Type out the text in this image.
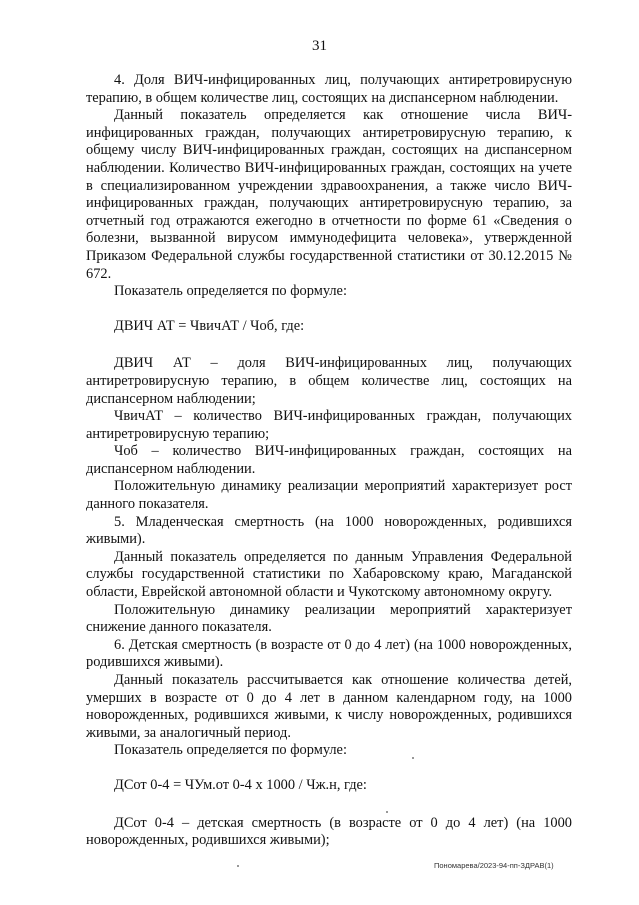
31

4. Доля ВИЧ-инфицированных лиц, получающих антиретровирусную терапию, в общем количестве лиц, состоящих на диспансерном наблюдении.

Данный показатель определяется как отношение числа ВИЧ-инфицированных граждан, получающих антиретровирусную терапию, к общему числу ВИЧ-инфицированных граждан, состоящих на диспансерном наблюдении. Количество ВИЧ-инфицированных граждан, состоящих на учете в специализированном учреждении здравоохранения, а также число ВИЧ-инфицированных граждан, получающих антиретровирусную терапию, за отчетный год отражаются ежегодно в отчетности по форме 61 «Сведения о болезни, вызванной вирусом иммунодефицита человека», утвержденной Приказом Федеральной службы государственной статистики от 30.12.2015 № 672.

Показатель определяется по формуле:

ДВИЧ АТ = ЧвичАТ / Чоб, где:

ДВИЧ АТ – доля ВИЧ-инфицированных лиц, получающих антиретровирусную терапию, в общем количестве лиц, состоящих на диспансерном наблюдении;

ЧвичАТ – количество ВИЧ-инфицированных граждан, получающих антиретровирусную терапию;

Чоб – количество ВИЧ-инфицированных граждан, состоящих на диспансерном наблюдении.

Положительную динамику реализации мероприятий характеризует рост данного показателя.

5. Младенческая смертность (на 1000 новорожденных, родившихся живыми).

Данный показатель определяется по данным Управления Федеральной службы государственной статистики по Хабаровскому краю, Магаданской области, Еврейской автономной области и Чукотскому автономному округу.

Положительную динамику реализации мероприятий характеризует снижение данного показателя.

6. Детская смертность (в возрасте от 0 до 4 лет) (на 1000 новорожденных, родившихся живыми).

Данный показатель рассчитывается как отношение количества детей, умерших в возрасте от 0 до 4 лет в данном календарном году, на 1000 новорожденных, родившихся живыми, к числу новорожденных, родившихся живыми, за аналогичный период.

Показатель определяется по формуле:

ДСот 0-4 = ЧУм.от 0-4 х 1000 / Чж.н, где:

ДСот 0-4 – детская смертность (в возрасте от 0 до 4 лет) (на 1000 новорожденных, родившихся живыми);

Пономарева/2023-94-пп-ЗДРАВ(1)
